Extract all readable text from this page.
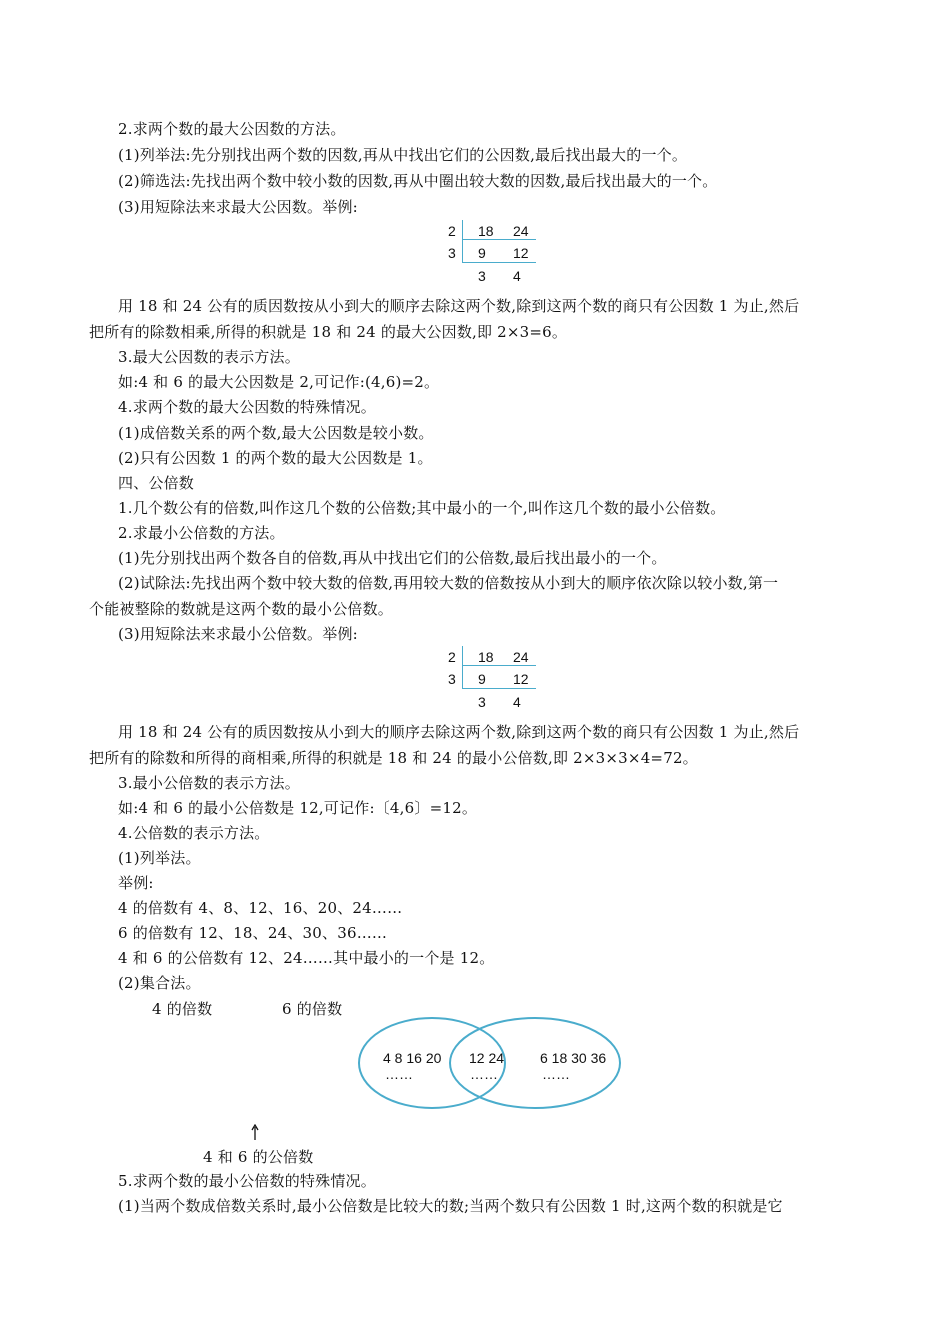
2.求两个数的最大公因数的方法。
(1)列举法:先分别找出两个数的因数,再从中找出它们的公因数,最后找出最大的一个。
(2)筛选法:先找出两个数中较小数的因数,再从中圈出较大数的因数,最后找出最大的一个。
(3)用短除法来求最大公因数。举例:
2
3
18 24
9 12
3 4
用 18 和 24 公有的质因数按从小到大的顺序去除这两个数,除到这两个数的商只有公因数 1 为止,然后
把所有的除数相乘,所得的积就是 18 和 24 的最大公因数,即 2×3=6。
3.最大公因数的表示方法。
如:4 和 6 的最大公因数是 2,可记作:(4,6)=2。
4.求两个数的最大公因数的特殊情况。
(1)成倍数关系的两个数,最大公因数是较小数。
(2)只有公因数 1 的两个数的最大公因数是 1。
四、公倍数
1.几个数公有的倍数,叫作这几个数的公倍数;其中最小的一个,叫作这几个数的最小公倍数。
2.求最小公倍数的方法。
(1)先分别找出两个数各自的倍数,再从中找出它们的公倍数,最后找出最小的一个。
(2)试除法:先找出两个数中较大数的倍数,再用较大数的倍数按从小到大的顺序依次除以较小数,第一
个能被整除的数就是这两个数的最小公倍数。
(3)用短除法来求最小公倍数。举例:
2
3
18 24
9 12
3 4
用 18 和 24 公有的质因数按从小到大的顺序去除这两个数,除到这两个数的商只有公因数 1 为止,然后
把所有的除数和所得的商相乘,所得的积就是 18 和 24 的最小公倍数,即 2×3×3×4=72。
3.最小公倍数的表示方法。
如:4 和 6 的最小公倍数是 12,可记作:〔4,6〕=12。
4.公倍数的表示方法。
(1)列举法。
举例:
4 的倍数有 4、8、12、16、20、24……
6 的倍数有 12、18、24、30、36……
4 和 6 的公倍数有 12、24……其中最小的一个是 12。
(2)集合法。
4 的倍数	6 的倍数
4 8 16 20
……
12 24
……
6 18 30 36
……
4 和 6 的公倍数
5.求两个数的最小公倍数的特殊情况。
(1)当两个数成倍数关系时,最小公倍数是比较大的数;当两个数只有公因数 1 时,这两个数的积就是它
